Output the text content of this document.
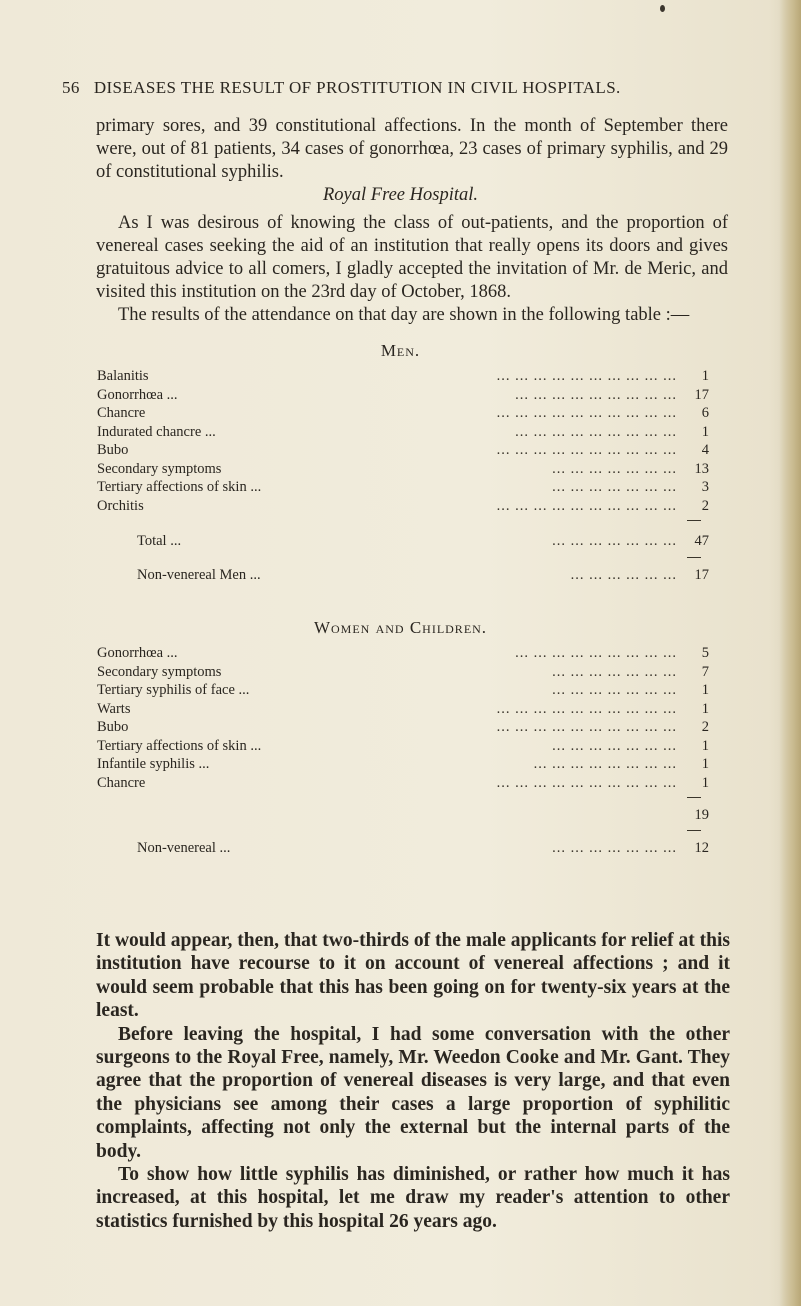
56 DISEASES THE RESULT OF PROSTITUTION IN CIVIL HOSPITALS.

primary sores, and 39 constitutional affections. In the month of September there were, out of 81 patients, 34 cases of gonorrhœa, 23 cases of primary syphilis, and 29 of constitutional syphilis.

Royal Free Hospital.

As I was desirous of knowing the class of out-patients, and the proportion of venereal cases seeking the aid of an institution that really opens its doors and gives gratuitous advice to all comers, I gladly accepted the invitation of Mr. de Meric, and visited this institution on the 23rd day of October, 1868.

The results of the attendance on that day are shown in the following table :—

Men.
Balanitis	... ... ... ... ... ... ... ... ... ...	1
Gonorrhœa ...	... ... ... ... ... ... ... ... ...	17
Chancre	... ... ... ... ... ... ... ... ... ...	6
Indurated chancre ...	... ... ... ... ... ... ... ... ...	1
Bubo	... ... ... ... ... ... ... ... ... ...	4
Secondary symptoms	... ... ... ... ... ... ...	13
Tertiary affections of skin ...	... ... ... ... ... ... ...	3
Orchitis	... ... ... ... ... ... ... ... ... ...	2
Total ...	... ... ... ... ... ... ...	47
Non-venereal Men ...	... ... ... ... ... ...	17
Women and Children.
Gonorrhœa ...	... ... ... ... ... ... ... ... ...	5
Secondary symptoms	... ... ... ... ... ... ...	7
Tertiary syphilis of face ...	... ... ... ... ... ... ...	1
Warts	... ... ... ... ... ... ... ... ... ...	1
Bubo	... ... ... ... ... ... ... ... ... ...	2
Tertiary affections of skin ...	... ... ... ... ... ... ...	1
Infantile syphilis ...	... ... ... ... ... ... ... ...	1
Chancre	... ... ... ... ... ... ... ... ... ...	1
19
Non-venereal ...	... ... ... ... ... ... ...	12

It would appear, then, that two-thirds of the male applicants for relief at this institution have recourse to it on account of venereal affections ; and it would seem probable that this has been going on for twenty-six years at the least.

Before leaving the hospital, I had some conversation with the other surgeons to the Royal Free, namely, Mr. Weedon Cooke and Mr. Gant. They agree that the proportion of venereal diseases is very large, and that even the physicians see among their cases a large proportion of syphilitic complaints, affecting not only the external but the internal parts of the body.

To show how little syphilis has diminished, or rather how much it has increased, at this hospital, let me draw my reader's attention to other statistics furnished by this hospital 26 years ago.
